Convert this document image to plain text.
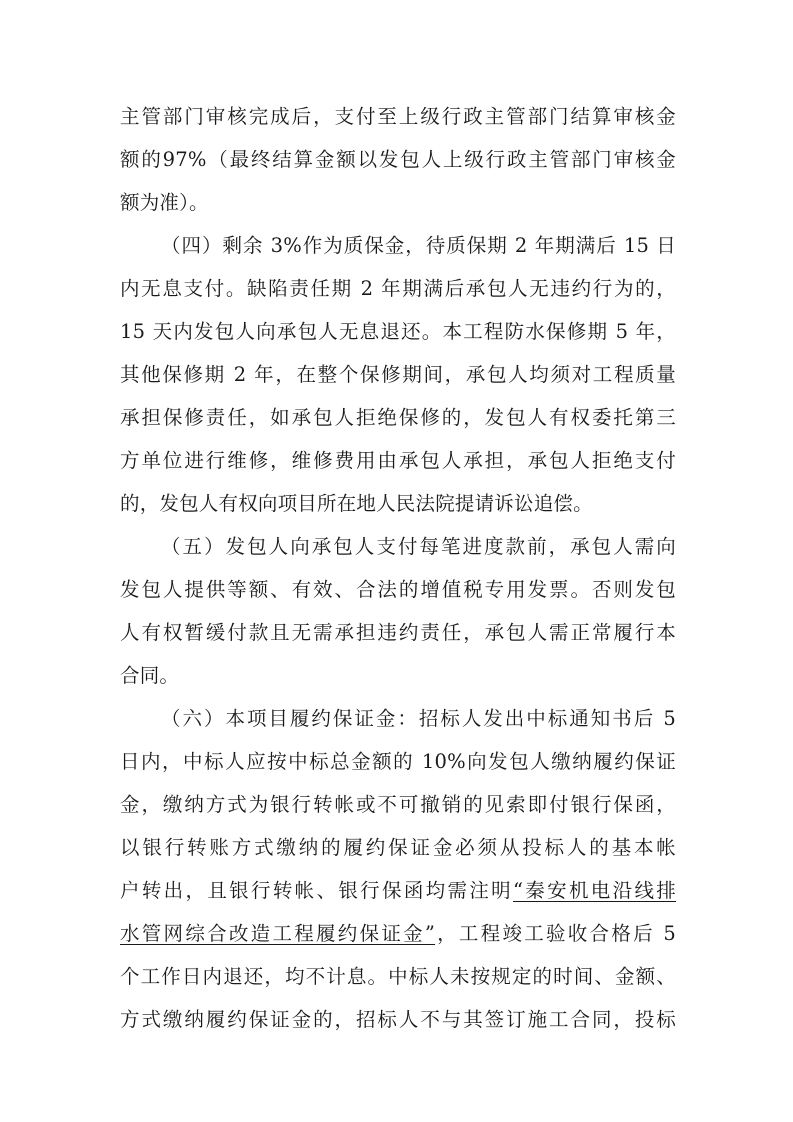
主管部门审核完成后，支付至上级行政主管部门结算审核金
额的97%（最终结算金额以发包人上级行政主管部门审核金
额为准）。
（四）剩余 3%作为质保金，待质保期 2 年期满后 15 日
内无息支付。缺陷责任期 2 年期满后承包人无违约行为的，
15 天内发包人向承包人无息退还。本工程防水保修期 5 年，
其他保修期 2 年，在整个保修期间，承包人均须对工程质量
承担保修责任，如承包人拒绝保修的，发包人有权委托第三
方单位进行维修，维修费用由承包人承担，承包人拒绝支付
的，发包人有权向项目所在地人民法院提请诉讼追偿。
（五）发包人向承包人支付每笔进度款前，承包人需向
发包人提供等额、有效、合法的增值税专用发票。否则发包
人有权暂缓付款且无需承担违约责任，承包人需正常履行本
合同。
（六）本项目履约保证金：招标人发出中标通知书后 5
日内，中标人应按中标总金额的 10%向发包人缴纳履约保证
金，缴纳方式为银行转帐或不可撤销的见索即付银行保函，
以银行转账方式缴纳的履约保证金必须从投标人的基本帐
户转出，且银行转帐、银行保函均需注明“秦安机电沿线排
水管网综合改造工程履约保证金”，工程竣工验收合格后 5
个工作日内退还，均不计息。中标人未按规定的时间、金额、
方式缴纳履约保证金的，招标人不与其签订施工合同，投标
